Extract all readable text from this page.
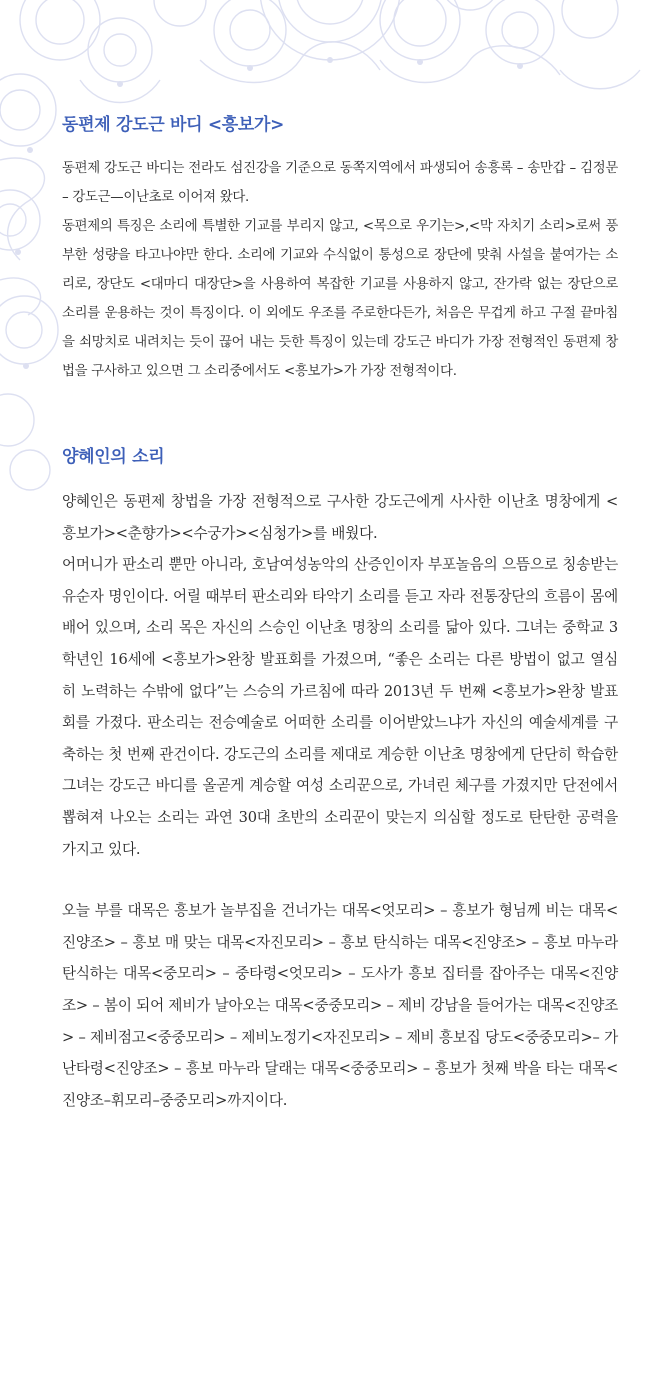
동편제 강도근 바디 <흥보가>

동편제 강도근 바디는 전라도 섬진강을 기준으로 동쪽지역에서 파생되어 송흥록 – 송만갑 – 김정문 – 강도근—이난초로 이어져 왔다.

동편제의 특징은 소리에 특별한 기교를 부리지 않고, <목으로 우기는>,<막 자치기 소리>로써 풍부한 성량을 타고나야만 한다. 소리에 기교와 수식없이 통성으로 장단에 맞춰 사설을 붙여가는 소리로, 장단도 <대마디 대장단>을 사용하여 복잡한 기교를 사용하지 않고, 잔가락 없는 장단으로 소리를 운용하는 것이 특징이다. 이 외에도 우조를 주로한다든가, 처음은 무겁게 하고 구절 끝마침을 쇠망치로 내려치는 듯이 끊어 내는 듯한 특징이 있는데 강도근 바디가 가장 전형적인 동편제 창법을 구사하고 있으면 그 소리중에서도 <흥보가>가 가장 전형적이다.

양혜인의 소리

양혜인은 동편제 창법을 가장 전형적으로 구사한 강도근에게 사사한 이난초 명창에게 <흥보가><춘향가><수궁가><심청가>를 배웠다.

어머니가 판소리 뿐만 아니라, 호남여성농악의 산증인이자 부포놀음의 으뜸으로 칭송받는 유순자 명인이다. 어릴 때부터 판소리와 타악기 소리를 듣고 자라 전통장단의 흐름이 몸에 배어 있으며, 소리 목은 자신의 스승인 이난초 명창의 소리를 닮아 있다. 그녀는 중학교 3학년인 16세에 <흥보가>완창 발표회를 가졌으며, “좋은 소리는 다른 방법이 없고 열심히 노력하는 수밖에 없다”는 스승의 가르침에 따라 2013년 두 번째 <흥보가>완창 발표회를 가졌다. 판소리는 전승예술로 어떠한 소리를 이어받았느냐가 자신의 예술세계를 구축하는 첫 번째 관건이다. 강도근의 소리를 제대로 계승한 이난초 명창에게 단단히 학습한 그녀는 강도근 바디를 올곧게 계승할 여성 소리꾼으로, 가녀린 체구를 가졌지만 단전에서 뽑혀져 나오는 소리는 과연 30대 초반의 소리꾼이 맞는지 의심할 정도로 탄탄한 공력을 가지고 있다.

오늘 부를 대목은 흥보가 놀부집을 건너가는 대목<엇모리> – 흥보가 형님께 비는 대목<진양조> – 흥보 매 맞는 대목<자진모리> – 흥보 탄식하는 대목<진양조> – 흥보 마누라 탄식하는 대목<중모리> – 중타령<엇모리> – 도사가 흥보 집터를 잡아주는 대목<진양조> – 봄이 되어 제비가 날아오는 대목<중중모리> – 제비 강남을 들어가는 대목<진양조> – 제비점고<중중모리> – 제비노정기<자진모리> – 제비 흥보집 당도<중중모리>– 가난타령<진양조> – 흥보 마누라 달래는 대목<중중모리> – 흥보가 첫째 박을 타는 대목<진양조–휘모리–중중모리>까지이다.
